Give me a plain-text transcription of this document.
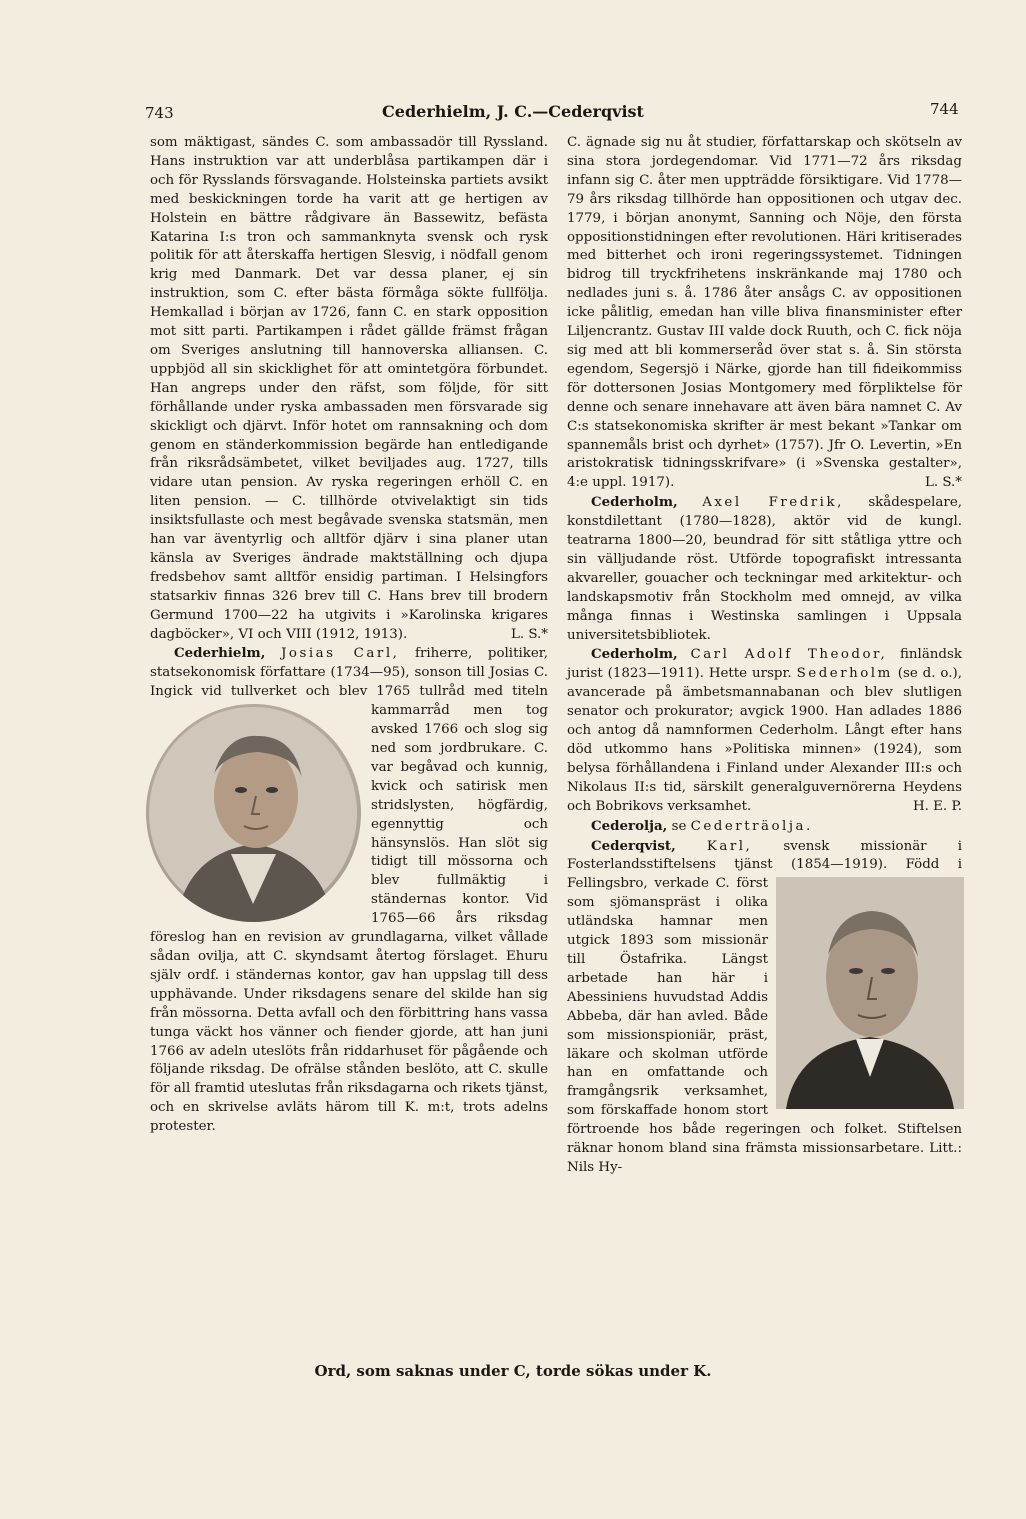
743	Cederhielm, J. C.—Cederqvist	744

som mäktigast, sändes C. som ambassadör till Ryssland. Hans instruktion var att underblåsa partikampen där i och för Rysslands försvagande. Holsteinska partiets avsikt med beskickningen torde ha varit att ge hertigen av Holstein en bättre rådgivare än Bassewitz, befästa Katarina I:s tron och sammanknyta svensk och rysk politik för att återskaffa hertigen Slesvig, i nödfall genom krig med Danmark. Det var dessa planer, ej sin instruktion, som C. efter bästa förmåga sökte fullfölja. Hemkallad i början av 1726, fann C. en stark opposition mot sitt parti. Partikampen i rådet gällde främst frågan om Sveriges anslutning till hannoverska alliansen. C. uppbjöd all sin skicklighet för att omintetgöra förbundet. Han angreps under den räfst, som följde, för sitt förhållande under ryska ambassaden men försvarade sig skickligt och djärvt. Inför hotet om rannsakning och dom genom en ständerkommission begärde han entledigande från riksrådsämbetet, vilket beviljades aug. 1727, tills vidare utan pension. Av ryska regeringen erhöll C. en liten pension. — C. tillhörde otvivelaktigt sin tids insiktsfullaste och mest begåvade svenska statsmän, men han var äventyrlig och alltför djärv i sina planer utan känsla av Sveriges ändrade maktställning och djupa fredsbehov samt alltför ensidig partiman. I Helsingfors statsarkiv finnas 326 brev till C. Hans brev till brodern Germund 1700—22 ha utgivits i »Karolinska krigares dagböcker», VI och VIII (1912, 1913).	L. S.*

Cederhielm, Josias Carl, friherre, politiker, statsekonomisk författare (1734—95), sonson till Josias C. Ingick vid tullverket och blev 1765 tullråd med titeln kammarråd men tog avsked 1766 och slog sig ned som jordbrukare. C. var begåvad och kunnig, kvick och satirisk men stridslysten, högfärdig, egennyttig och hänsynslös. Han slöt sig tidigt till mössorna och blev fullmäktig i ständernas kontor. Vid 1765—66 års riksdag föreslog han en revision av grundlagarna, vilket vållade sådan ovilja, att C. skyndsamt återtog förslaget. Ehuru själv ordf. i ständernas kontor, gav han uppslag till dess upphävande. Under riksdagens senare del skilde han sig från mössorna. Detta avfall och den förbittring hans vassa tunga väckt hos vänner och fiender gjorde, att han juni 1766 av adeln uteslöts från riddarhuset för pågående och följande riksdag. De ofrälse stånden beslöto, att C. skulle för all framtid uteslutas från riksdagarna och rikets tjänst, och en skrivelse avläts härom till K. m:t, trots adelns protester.

C. ägnade sig nu åt studier, författarskap och skötseln av sina stora jordegendomar. Vid 1771—72 års riksdag infann sig C. åter men uppträdde försiktigare. Vid 1778—79 års riksdag tillhörde han oppositionen och utgav dec. 1779, i början anonymt, Sanning och Nöje, den första oppositionstidningen efter revolutionen. Häri kritiserades med bitterhet och ironi regeringssystemet. Tidningen bidrog till tryckfrihetens inskränkande maj 1780 och nedlades juni s. å. 1786 åter ansågs C. av oppositionen icke pålitlig, emedan han ville bliva finansminister efter Liljencrantz. Gustav III valde dock Ruuth, och C. fick nöja sig med att bli kommerseråd över stat s. å. Sin största egendom, Segersjö i Närke, gjorde han till fideikommiss för dottersonen Josias Montgomery med förpliktelse för denne och senare innehavare att även bära namnet C. Av C:s statsekonomiska skrifter är mest bekant »Tankar om spannemåls brist och dyrhet» (1757). Jfr O. Levertin, »En aristokratisk tidningsskrifvare» (i »Svenska gestalter», 4:e uppl. 1917).	L. S.*

Cederholm, Axel Fredrik, skådespelare, konstdilettant (1780—1828), aktör vid de kungl. teatrarna 1800—20, beundrad för sitt ståtliga yttre och sin välljudande röst. Utförde topografiskt intressanta akvareller, gouacher och teckningar med arkitektur- och landskapsmotiv från Stockholm med omnejd, av vilka många finnas i Westinska samlingen i Uppsala universitetsbibliotek.

Cederholm, Carl Adolf Theodor, finländsk jurist (1823—1911). Hette urspr. Sederholm (se d. o.), avancerade på ämbetsmannabanan och blev slutligen senator och prokurator; avgick 1900. Han adlades 1886 och antog då namnformen Cederholm. Långt efter hans död utkommo hans »Politiska minnen» (1924), som belysa förhållandena i Finland under Alexander III:s och Nikolaus II:s tid, särskilt generalguvernörerna Heydens och Bobrikovs verksamhet.	H. E. P.

Cederolja, se Cederträolja.

Cederqvist, Karl, svensk missionär i Fosterlandsstiftelsens tjänst (1854—1919). Född i Fellingsbro, verkade C. först som sjömanspräst i olika utländska hamnar men utgick 1893 som missionär till Östafrika. Längst arbetade han här i Abessiniens huvudstad Addis Abbeba, där han avled. Både som missionspioniär, präst, läkare och skolman utförde han en omfattande och framgångsrik verksamhet, som förskaffade honom stort förtroende hos både regeringen och folket. Stiftelsen räknar honom bland sina främsta missionsarbetare. Litt.: Nils Hy-

Ord, som saknas under C, torde sökas under K.
